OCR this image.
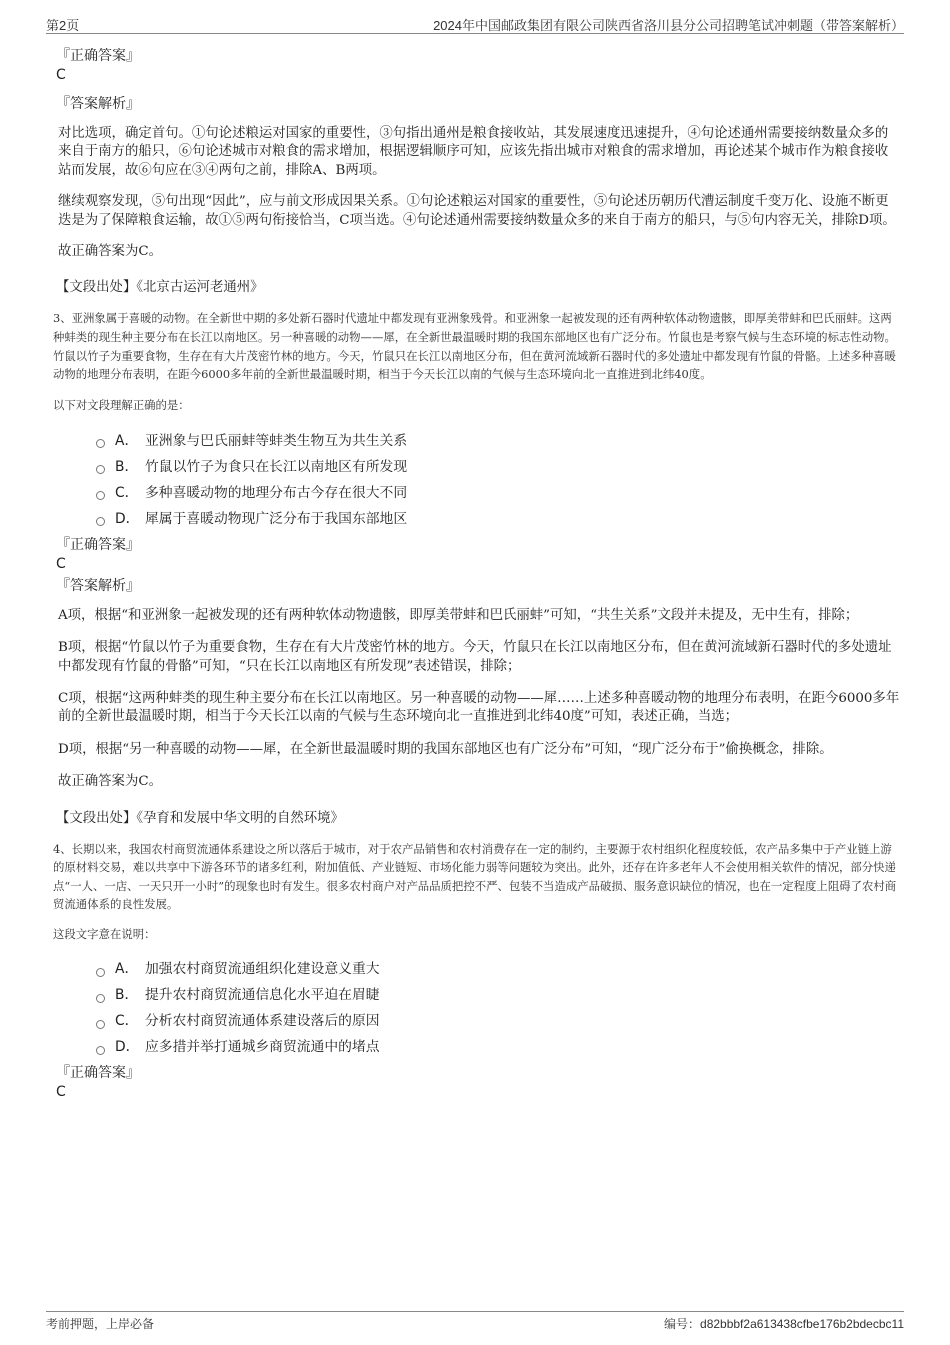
第2页	2024年中国邮政集团有限公司陕西省洛川县分公司招聘笔试冲刺题（带答案解析）

『正确答案』

C

『答案解析』

对比选项，确定首句。①句论述粮运对国家的重要性，③句指出通州是粮食接收站，其发展速度迅速提升，④句论述通州需要接纳数量众多的来自于南方的船只，⑥句论述城市对粮食的需求增加，根据逻辑顺序可知，应该先指出城市对粮食的需求增加，再论述某个城市作为粮食接收站而发展，故⑥句应在③④两句之前，排除A、B两项。

继续观察发现，⑤句出现“因此”，应与前文形成因果关系。①句论述粮运对国家的重要性，⑤句论述历朝历代漕运制度千变万化、设施不断更迭是为了保障粮食运输，故①⑤两句衔接恰当，C项当选。④句论述通州需要接纳数量众多的来自于南方的船只，与⑤句内容无关，排除D项。

故正确答案为C。

【文段出处】《北京古运河老通州》

3、亚洲象属于喜暖的动物。在全新世中期的多处新石器时代遗址中都发现有亚洲象残骨。和亚洲象一起被发现的还有两种软体动物遗骸，即厚美带蚌和巴氏丽蚌。这两种蚌类的现生种主要分布在长江以南地区。另一种喜暖的动物——犀，在全新世最温暖时期的我国东部地区也有广泛分布。竹鼠也是考察气候与生态环境的标志性动物。竹鼠以竹子为重要食物，生存在有大片茂密竹林的地方。今天，竹鼠只在长江以南地区分布，但在黄河流域新石器时代的多处遗址中都发现有竹鼠的骨骼。上述多种喜暖动物的地理分布表明，在距今6000多年前的全新世最温暖时期，相当于今天长江以南的气候与生态环境向北一直推进到北纬40度。

以下对文段理解正确的是：

A． 亚洲象与巴氏丽蚌等蚌类生物互为共生关系
B． 竹鼠以竹子为食只在长江以南地区有所发现
C． 多种喜暖动物的地理分布古今存在很大不同
D． 犀属于喜暖动物现广泛分布于我国东部地区

『正确答案』

C

『答案解析』

A项，根据“和亚洲象一起被发现的还有两种软体动物遗骸，即厚美带蚌和巴氏丽蚌”可知，“共生关系”文段并未提及，无中生有，排除；

B项，根据“竹鼠以竹子为重要食物，生存在有大片茂密竹林的地方。今天，竹鼠只在长江以南地区分布，但在黄河流域新石器时代的多处遗址中都发现有竹鼠的骨骼”可知，“只在长江以南地区有所发现”表述错误，排除；

C项，根据“这两种蚌类的现生种主要分布在长江以南地区。另一种喜暖的动物——犀……上述多种喜暖动物的地理分布表明，在距今6000多年前的全新世最温暖时期，相当于今天长江以南的气候与生态环境向北一直推进到北纬40度”可知，表述正确，当选；

D项，根据“另一种喜暖的动物——犀，在全新世最温暖时期的我国东部地区也有广泛分布”可知，“现广泛分布于”偷换概念，排除。

故正确答案为C。

【文段出处】《孕育和发展中华文明的自然环境》

4、长期以来，我国农村商贸流通体系建设之所以落后于城市，对于农产品销售和农村消费存在一定的制约，主要源于农村组织化程度较低，农产品多集中于产业链上游的原材料交易，难以共享中下游各环节的诸多红利，附加值低、产业链短、市场化能力弱等问题较为突出。此外，还存在许多老年人不会使用相关软件的情况，部分快递点“一人、一店、一天只开一小时”的现象也时有发生。很多农村商户对产品品质把控不严、包装不当造成产品破损、服务意识缺位的情况，也在一定程度上阻碍了农村商贸流通体系的良性发展。

这段文字意在说明：

A． 加强农村商贸流通组织化建设意义重大
B． 提升农村商贸流通信息化水平迫在眉睫
C． 分析农村商贸流通体系建设落后的原因
D． 应多措并举打通城乡商贸流通中的堵点

『正确答案』

C

考前押题，上岸必备	编号：d82bbbf2a613438cfbe176b2bdecbc11
